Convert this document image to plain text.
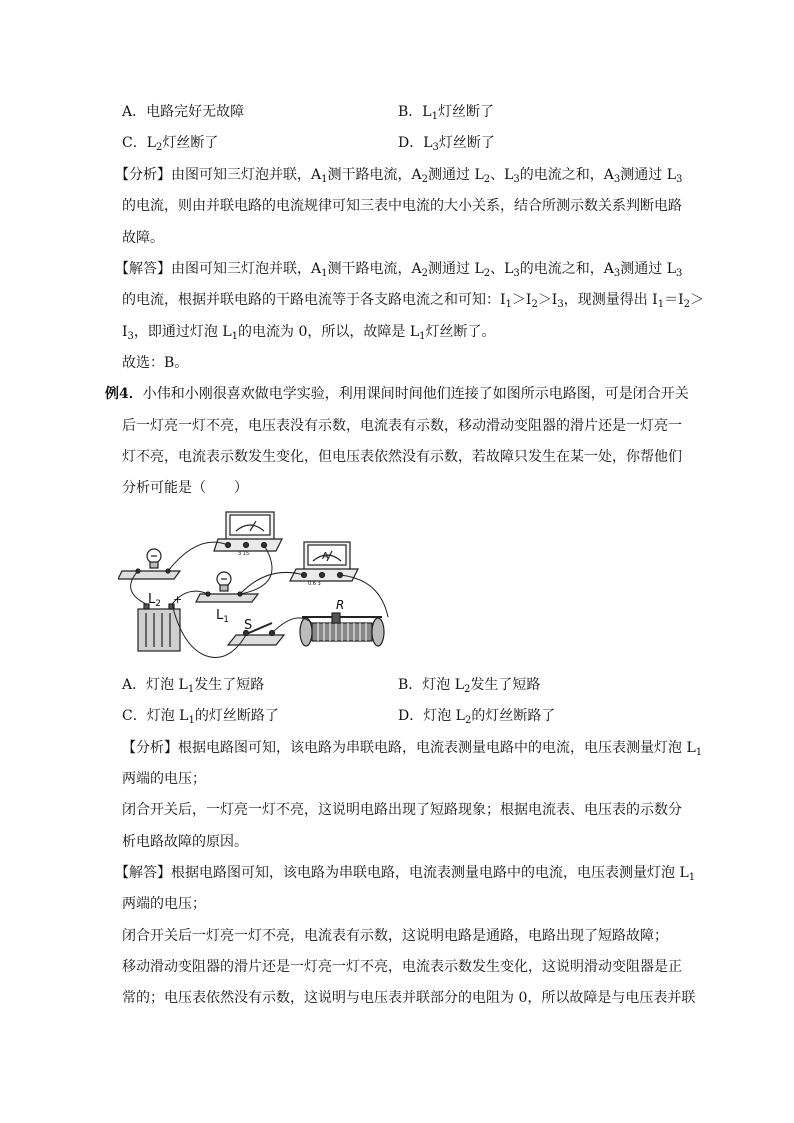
A．电路完好无故障	B．$L_1$灯丝断了
C．$L_2$灯丝断了	D．$L_3$灯丝断了
【分析】由图可知三灯泡并联，$A_1$测干路电流，$A_2$测通过 $L_2$、$L_3$的电流之和，$A_3$测通过 $L_3$
的电流，则由并联电路的电流规律可知三表中电流的大小关系，结合所测示数关系判断电路
故障。
【解答】由图可知三灯泡并联，$A_1$测干路电流，$A_2$测通过 $L_2$、$L_3$的电流之和，$A_3$测通过 $L_3$
的电流，根据并联电路的干路电流等于各支路电流之和可知：$I_1>I_2>I_3$，现测量得出 $I_1=I_2>$
$I_3$，即通过灯泡 $L_1$的电流为 0，所以，故障是 $L_1$灯丝断了。
故选：B。
例4．小伟和小刚很喜欢做电学实验，利用课间时间他们连接了如图所示电路图，可是闭合开关
后一灯亮一灯不亮，电压表没有示数，电流表有示数，移动滑动变阻器的滑片还是一灯亮一
灯不亮，电流表示数发生变化，但电压表依然没有示数，若故障只发生在某一处，你帮他们
分析可能是（　　）
$L_2$
$L_1$ S
R
+
A
3 15
0.6 3
A．灯泡 $L_1$发生了短路	B．灯泡 $L_2$发生了短路
C．灯泡 $L_1$的灯丝断路了	D．灯泡 $L_2$的灯丝断路了
【分析】根据电路图可知，该电路为串联电路，电流表测量电路中的电流，电压表测量灯泡 $L_1$
两端的电压；
闭合开关后，一灯亮一灯不亮，这说明电路出现了短路现象；根据电流表、电压表的示数分
析电路故障的原因。
【解答】根据电路图可知，该电路为串联电路，电流表测量电路中的电流，电压表测量灯泡 $L_1$
两端的电压；
闭合开关后一灯亮一灯不亮，电流表有示数，这说明电路是通路，电路出现了短路故障；
移动滑动变阻器的滑片还是一灯亮一灯不亮，电流表示数发生变化，这说明滑动变阻器是正
常的；电压表依然没有示数，这说明与电压表并联部分的电阻为 0，所以故障是与电压表并联
